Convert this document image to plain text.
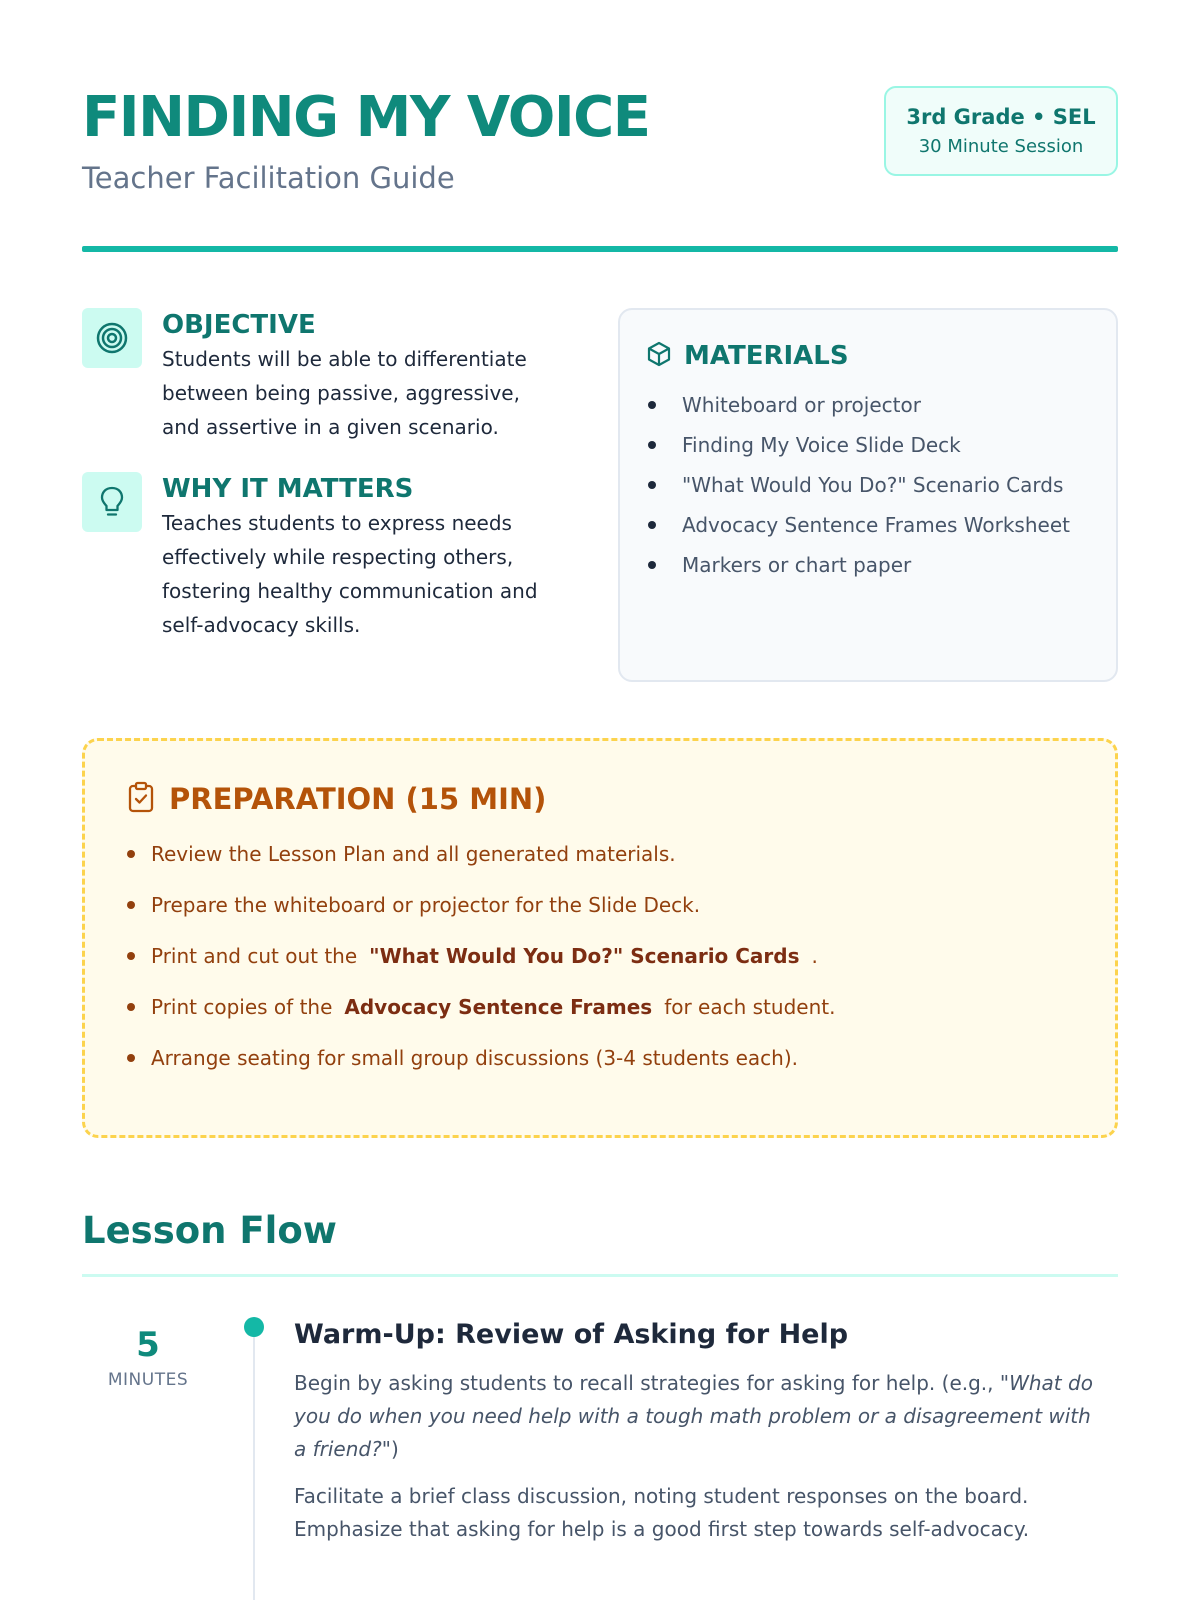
FINDING MY VOICE
Teacher Facilitation Guide
3rd Grade • SEL
30 Minute Session
OBJECTIVE
Students will be able to differentiate between being passive, aggressive, and assertive in a given scenario.
WHY IT MATTERS
Teaches students to express needs effectively while respecting others, fostering healthy communication and self-advocacy skills.
MATERIALS
Whiteboard or projector
Finding My Voice Slide Deck
"What Would You Do?" Scenario Cards
Advocacy Sentence Frames Worksheet
Markers or chart paper
PREPARATION (15 MIN)
Review the Lesson Plan and all generated materials.
Prepare the whiteboard or projector for the Slide Deck.
Print and cut out the "What Would You Do?" Scenario Cards .
Print copies of the Advocacy Sentence Frames for each student.
Arrange seating for small group discussions (3-4 students each).
Lesson Flow
5
MINUTES
Warm-Up: Review of Asking for Help
Begin by asking students to recall strategies for asking for help. (e.g., "What do you do when you need help with a tough math problem or a disagreement with a friend?")
Facilitate a brief class discussion, noting student responses on the board. Emphasize that asking for help is a good first step towards self-advocacy.
